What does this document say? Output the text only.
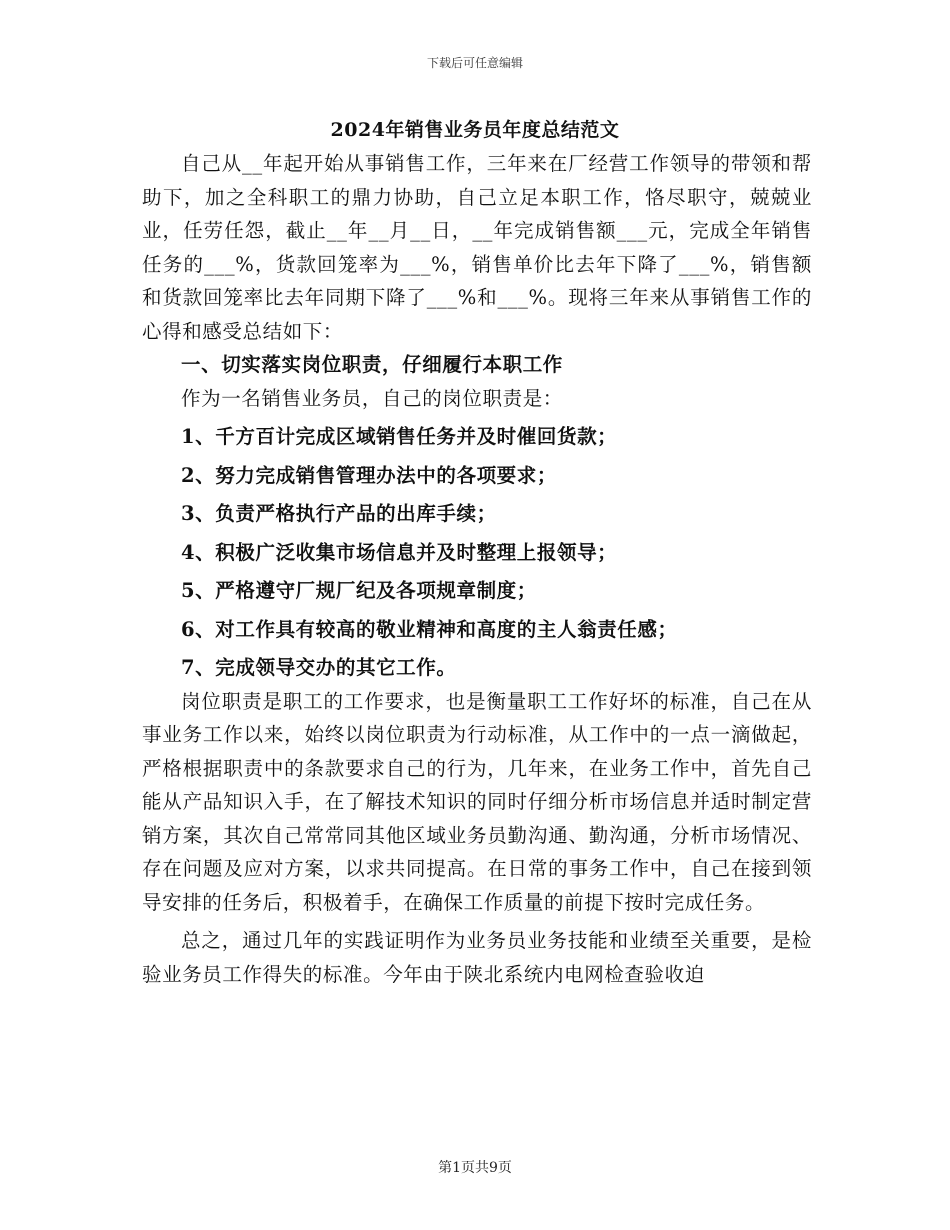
下载后可任意编辑
2024年销售业务员年度总结范文

自己从__年起开始从事销售工作，三年来在厂经营工作领导的带领和帮助下，加之全科职工的鼎力协助，自己立足本职工作，恪尽职守，兢兢业业，任劳任怨，截止__年__月__日，__年完成销售额___元，完成全年销售任务的___%，货款回笼率为___%，销售单价比去年下降了___%，销售额和货款回笼率比去年同期下降了___%和___%。现将三年来从事销售工作的心得和感受总结如下：

一、切实落实岗位职责，仔细履行本职工作

作为一名销售业务员，自己的岗位职责是：

1、千方百计完成区域销售任务并及时催回货款；

2、努力完成销售管理办法中的各项要求；

3、负责严格执行产品的出库手续；

4、积极广泛收集市场信息并及时整理上报领导；

5、严格遵守厂规厂纪及各项规章制度；

6、对工作具有较高的敬业精神和高度的主人翁责任感；

7、完成领导交办的其它工作。

岗位职责是职工的工作要求，也是衡量职工工作好坏的标准，自己在从事业务工作以来，始终以岗位职责为行动标准，从工作中的一点一滴做起，严格根据职责中的条款要求自己的行为，几年来，在业务工作中，首先自己能从产品知识入手，在了解技术知识的同时仔细分析市场信息并适时制定营销方案，其次自己常常同其他区域业务员勤沟通、勤沟通，分析市场情况、存在问题及应对方案，以求共同提高。在日常的事务工作中，自己在接到领导安排的任务后，积极着手，在确保工作质量的前提下按时完成任务。

总之，通过几年的实践证明作为业务员业务技能和业绩至关重要，是检验业务员工作得失的标准。今年由于陕北系统内电网检查验收迫

第1页共9页
